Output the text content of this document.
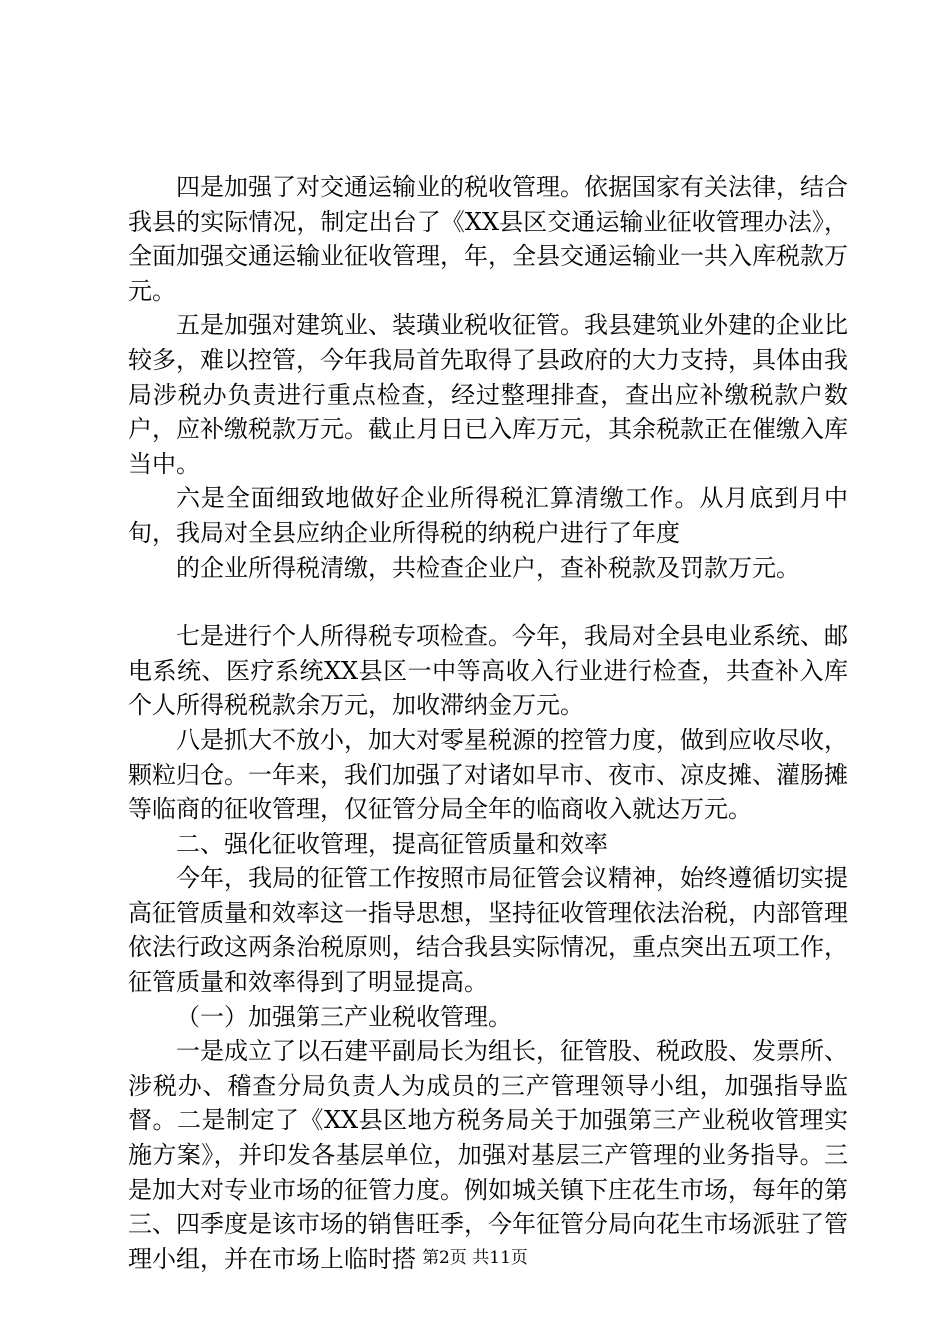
四是加强了对交通运输业的税收管理。依据国家有关法律，结合我县的实际情况，制定出台了《XX县区交通运输业征收管理办法》，全面加强交通运输业征收管理，年，全县交通运输业一共入库税款万元。

五是加强对建筑业、装璜业税收征管。我县建筑业外建的企业比较多，难以控管，今年我局首先取得了县政府的大力支持，具体由我局涉税办负责进行重点检查，经过整理排查，查出应补缴税款户数户，应补缴税款万元。截止月日已入库万元，其余税款正在催缴入库当中。

六是全面细致地做好企业所得税汇算清缴工作。从月底到月中旬，我局对全县应纳企业所得税的纳税户进行了年度

的企业所得税清缴，共检查企业户，查补税款及罚款万元。

七是进行个人所得税专项检查。今年，我局对全县电业系统、邮电系统、医疗系统XX县区一中等高收入行业进行检查，共查补入库个人所得税税款余万元，加收滞纳金万元。

八是抓大不放小，加大对零星税源的控管力度，做到应收尽收，颗粒归仓。一年来，我们加强了对诸如早市、夜市、凉皮摊、灌肠摊等临商的征收管理，仅征管分局全年的临商收入就达万元。

二、强化征收管理，提高征管质量和效率

今年，我局的征管工作按照市局征管会议精神，始终遵循切实提高征管质量和效率这一指导思想，坚持征收管理依法治税，内部管理依法行政这两条治税原则，结合我县实际情况，重点突出五项工作，征管质量和效率得到了明显提高。

（一）加强第三产业税收管理。

一是成立了以石建平副局长为组长，征管股、税政股、发票所、涉税办、稽查分局负责人为成员的三产管理领导小组，加强指导监督。二是制定了《XX县区地方税务局关于加强第三产业税收管理实施方案》，并印发各基层单位，加强对基层三产管理的业务指导。三是加大对专业市场的征管力度。例如城关镇下庄花生市场，每年的第三、四季度是该市场的销售旺季，今年征管分局向花生市场派驻了管理小组，并在市场上临时搭 第2页 共11页
